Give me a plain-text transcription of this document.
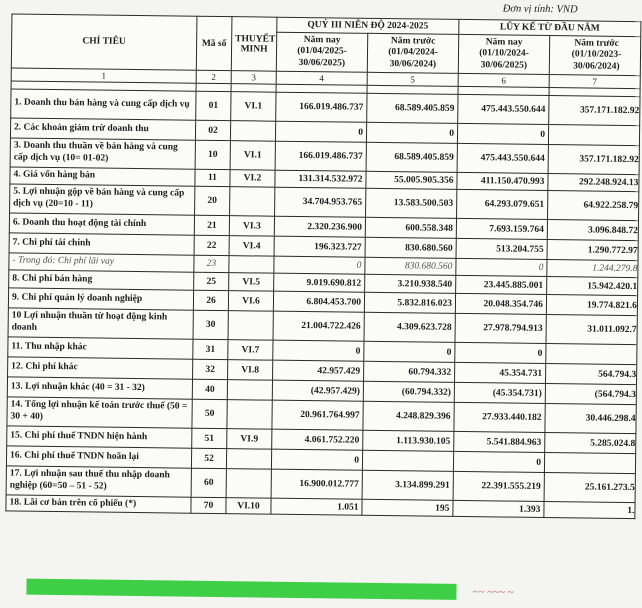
Đơn vị tính: VND
CHỈ TIÊU	Mã số	THUYẾT MINH	QUÝ III NIÊN ĐỘ 2024-2025		LŨY KẾ TỪ ĐẦU NĂM	
			Năm nay (01/04/2025-30/06/2025)	Năm trước (01/04/2024-30/06/2024)	Năm nay (01/10/2024-30/06/2025)	Năm trước (01/10/2023-30/06/2024)
1	2	3	4	5	6	7

1. Doanh thu bán hàng và cung cấp dịch vụ	01	VI.1	166.019.486.737	68.589.405.859	475.443.550.644	357.171.182.92
2. Các khoản giảm trừ doanh thu	02		0	0	0	
3. Doanh thu thuần về bán hàng và cung cấp dịch vụ (10= 01-02)	10	VI.1	166.019.486.737	68.589.405.859	475.443.550.644	357.171.182.92
4. Giá vốn hàng bán	11	VI.2	131.314.532.972	55.005.905.356	411.150.470.993	292.248.924.13
5. Lợi nhuận gộp về bán hàng và cung cấp dịch vụ (20=10 - 11)	20		34.704.953.765	13.583.500.503	64.293.079.651	64.922.258.79
6. Doanh thu hoạt động tài chính	21	VI.3	2.320.236.900	600.558.348	7.693.159.764	3.096.848.72
7. Chi phí tài chính	22	VI.4	196.323.727	830.680.560	513.204.755	1.290.772.97
- Trong đó: Chi phí lãi vay	23		0	830.680.560	0	1.244.279.8
8. Chi phí bán hàng	25	VI.5	9.019.690.812	3.210.938.540	23.445.885.001	15.942.420.1
9. Chi phí quản lý doanh nghiệp	26	VI.6	6.804.453.700	5.832.816.023	20.048.354.746	19.774.821.6
10 Lợi nhuận thuần từ hoạt động kinh doanh	30		21.004.722.426	4.309.623.728	27.978.794.913	31.011.092.7
11. Thu nhập khác	31	VI.7	0	0	0	
12. Chi phí khác	32	VI.8	42.957.429	60.794.332	45.354.731	564.794.3
13. Lợi nhuận khác (40 = 31 - 32)	40		(42.957.429)	(60.794.332)	(45.354.731)	(564.794.3
14. Tổng lợi nhuận kế toán trước thuế (50 = 30 + 40)	50		20.961.764.997	4.248.829.396	27.933.440.182	30.446.298.4
15. Chi phí thuế TNDN hiện hành	51	VI.9	4.061.752.220	1.113.930.105	5.541.884.963	5.285.024.8
16. Chi phí thuế TNDN hoãn lại	52		0		0	
17. Lợi nhuận sau thuế thu nhập doanh nghiệp (60=50 – 51 - 52)	60		16.900.012.777	3.134.899.291	22.391.555.219	25.161.273.5
18. Lãi cơ bản trên cổ phiếu (*)	70	VI.10	1.051	195	1.393	1.
~~ ~~~ ~
